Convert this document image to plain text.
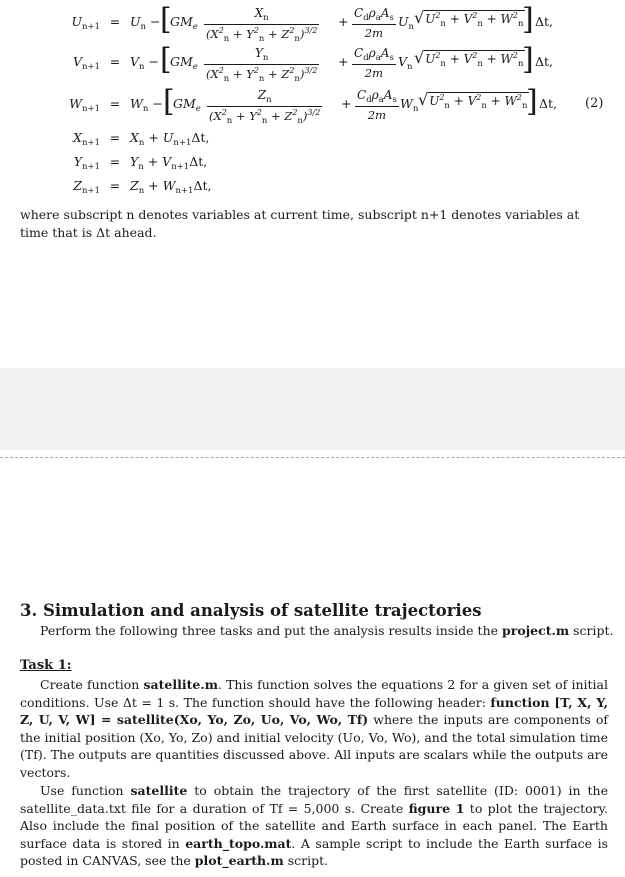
$U_{n+1} = U_n$ − [
$GM_e$
$X_n$
$(X^2_n + Y^2_n + Z^2_n)^{3/2}$
+
$C_d\rho_aA_s$
2m
$U_n$ $√U^2_n + V^2_n + W^2_n$
] Δt,
$V_{n+1} = V_n$ − [
$GM_e$
$Y_n$
$(X^2_n + Y^2_n + Z^2_n)^{3/2}$
+
$C_d\rho_aA_s$
2m
$V_n$ $√U^2_n + V^2_n + W^2_n$
] Δt,
$W_{n+1} = W_n$ − [
$GM_e$
$Z_n$
$(X^2_n + Y^2_n + Z^2_n)^{3/2}$
+
$C_d\rho_aA_s$
2m
$W_n$ $√U^2_n + V^2_n + W^2_n$
] Δt, (2)
$X_{n+1} = X_n + U_{n+1}\Delta t$,
$Y_{n+1} = Y_n + V_{n+1}\Delta t$,
$Z_{n+1} = Z_n + W_{n+1}\Delta t$,
where subscript n denotes variables at current time, subscript n+1 denotes variables at time that is Δt ahead.
3. Simulation and analysis of satellite trajectories
Perform the following three tasks and put the analysis results inside the project.m script.
Task 1:
Create function satellite.m. This function solves the equations 2 for a given set of initial conditions. Use Δt = 1 s. The function should have the following header: function [T, X, Y, Z, U, V, W] = satellite(Xo, Yo, Zo, Uo, Vo, Wo, Tf) where the inputs are components of the initial position (Xo, Yo, Zo) and initial velocity (Uo, Vo, Wo), and the total simulation time (Tf). The outputs are quantities discussed above. All inputs are scalars while the outputs are vectors.
Use function satellite to obtain the trajectory of the first satellite (ID: 0001) in the satellite_data.txt file for a duration of Tf = 5,000 s. Create figure 1 to plot the trajectory. Also include the final position of the satellite and Earth surface in each panel. The Earth surface data is stored in earth_topo.mat. A sample script to include the Earth surface is posted in CANVAS, see the plot_earth.m script.
